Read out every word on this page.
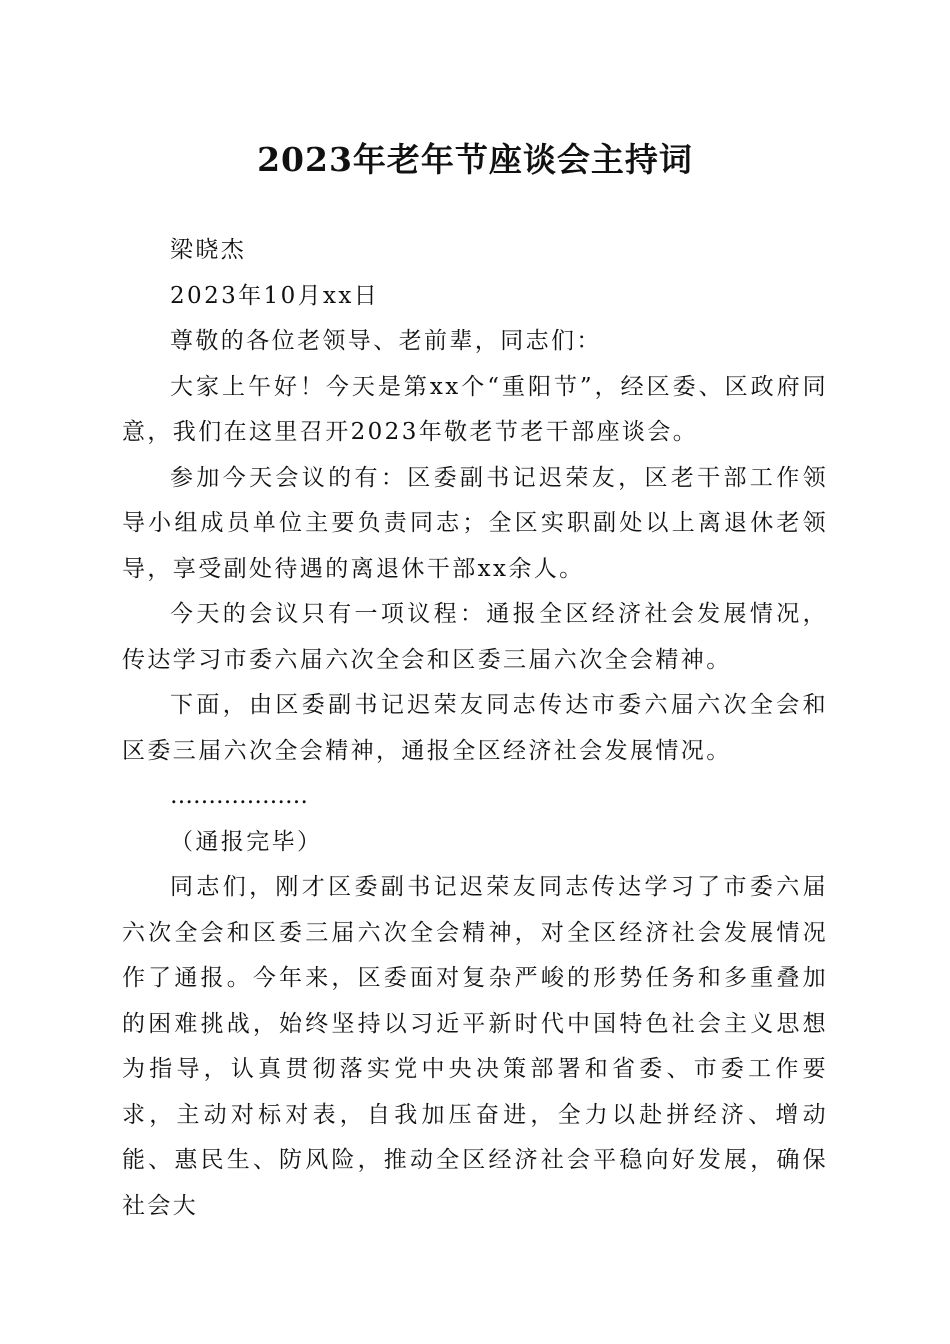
2023年老年节座谈会主持词

梁晓杰

2023年10月xx日

尊敬的各位老领导、老前辈，同志们：

大家上午好！今天是第xx个“重阳节”，经区委、区政府同意，我们在这里召开2023年敬老节老干部座谈会。

参加今天会议的有：区委副书记迟荣友，区老干部工作领导小组成员单位主要负责同志；全区实职副处以上离退休老领导，享受副处待遇的离退休干部xx余人。

今天的会议只有一项议程：通报全区经济社会发展情况，传达学习市委六届六次全会和区委三届六次全会精神。

下面，由区委副书记迟荣友同志传达市委六届六次全会和区委三届六次全会精神，通报全区经济社会发展情况。

………………

（通报完毕）

同志们，刚才区委副书记迟荣友同志传达学习了市委六届六次全会和区委三届六次全会精神，对全区经济社会发展情况作了通报。今年来，区委面对复杂严峻的形势任务和多重叠加的困难挑战，始终坚持以习近平新时代中国特色社会主义思想为指导，认真贯彻落实党中央决策部署和省委、市委工作要求，主动对标对表，自我加压奋进，全力以赴拼经济、增动能、惠民生、防风险，推动全区经济社会平稳向好发展，确保社会大
